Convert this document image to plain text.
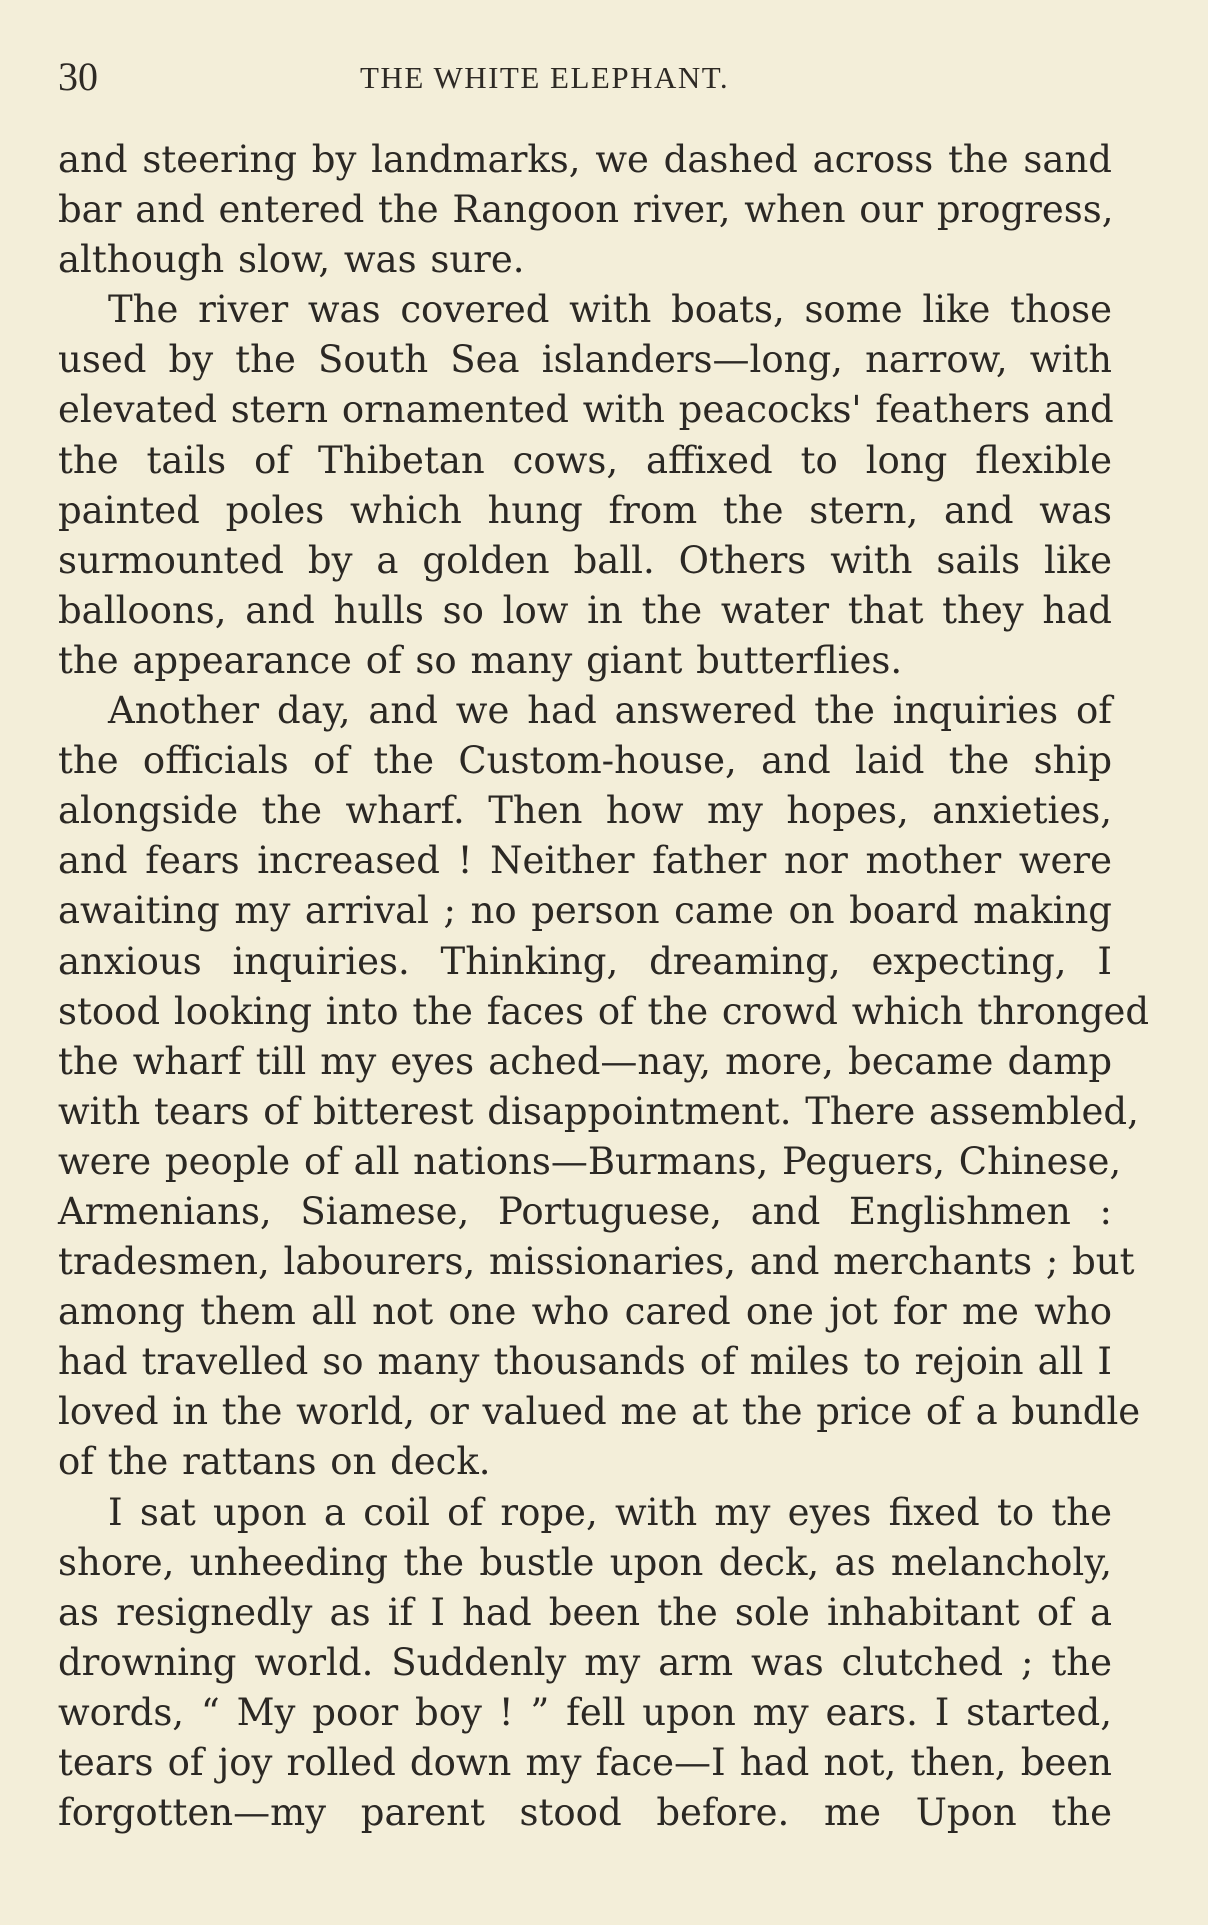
30	THE WHITE ELEPHANT.
and steering by landmarks, we dashed across the sand
bar and entered the Rangoon river, when our progress,
although slow, was sure.
The river was covered with boats, some like those
used by the South Sea islanders—long, narrow, with
elevated stern ornamented with peacocks' feathers and
the tails of Thibetan cows, affixed to long flexible
painted poles which hung from the stern, and was
surmounted by a golden ball. Others with sails like
balloons, and hulls so low in the water that they had
the appearance of so many giant butterflies.
Another day, and we had answered the inquiries of
the officials of the Custom-house, and laid the ship
alongside the wharf. Then how my hopes, anxieties,
and fears increased ! Neither father nor mother were
awaiting my arrival ; no person came on board making
anxious inquiries. Thinking, dreaming, expecting, I
stood looking into the faces of the crowd which thronged
the wharf till my eyes ached—nay, more, became damp
with tears of bitterest disappointment. There assembled,
were people of all nations—Burmans, Peguers, Chinese,
Armenians, Siamese, Portuguese, and Englishmen :
tradesmen, labourers, missionaries, and merchants ; but
among them all not one who cared one jot for me who
had travelled so many thousands of miles to rejoin all I
loved in the world, or valued me at the price of a bundle
of the rattans on deck.
I sat upon a coil of rope, with my eyes fixed to the
shore, unheeding the bustle upon deck, as melancholy,
as resignedly as if I had been the sole inhabitant of a
drowning world. Suddenly my arm was clutched ; the
words, “ My poor boy ! ” fell upon my ears. I started,
tears of joy rolled down my face—I had not, then, been
forgotten—my parent stood before. me Upon the
